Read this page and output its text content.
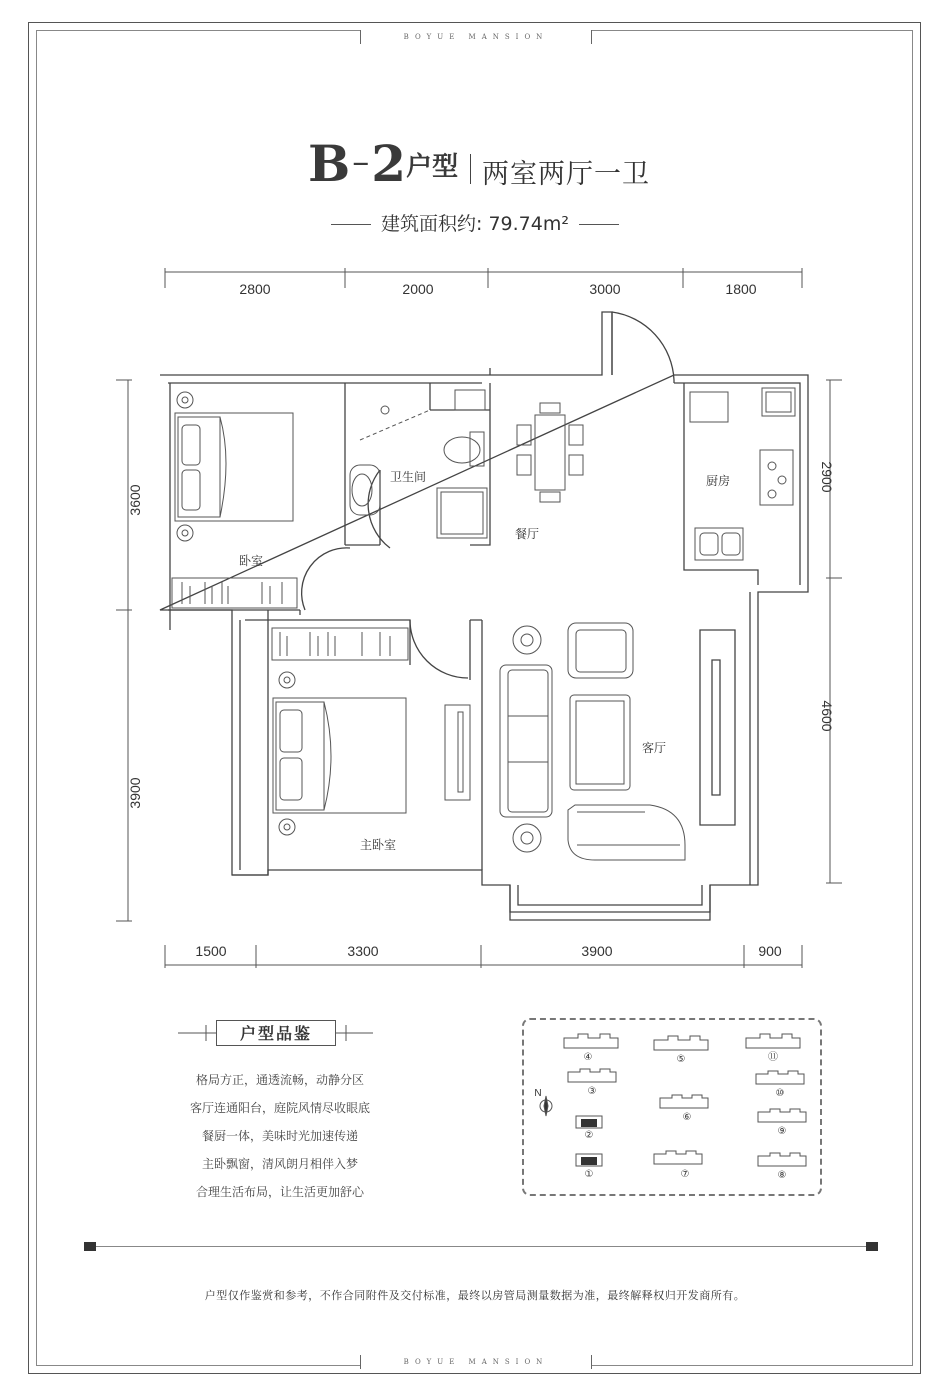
BOYUE MANSION
BOYUE MANSION
$B-2^{户型}$ 两室两厅一卫
建筑面积约: 79.74m²
2800	2000	3000	1800
1500	3300	3900	900
3600
3900
2900
4600
卧室
卫生间
餐厅
厨房
客厅
主卧室
户型品鉴
格局方正，通透流畅，动静分区
客厅连通阳台，庭院风情尽收眼底
餐厨一体，美味时光加速传递
主卧飘窗，清风朗月相伴入梦
合理生活布局，让生活更加舒心
N
④	⑤	⑪
③	⑩
②
⑥
⑨
①	⑦	⑧
户型仅作鉴赏和参考，不作合同附件及交付标准，最终以房管局测量数据为准，最终解释权归开发商所有。
